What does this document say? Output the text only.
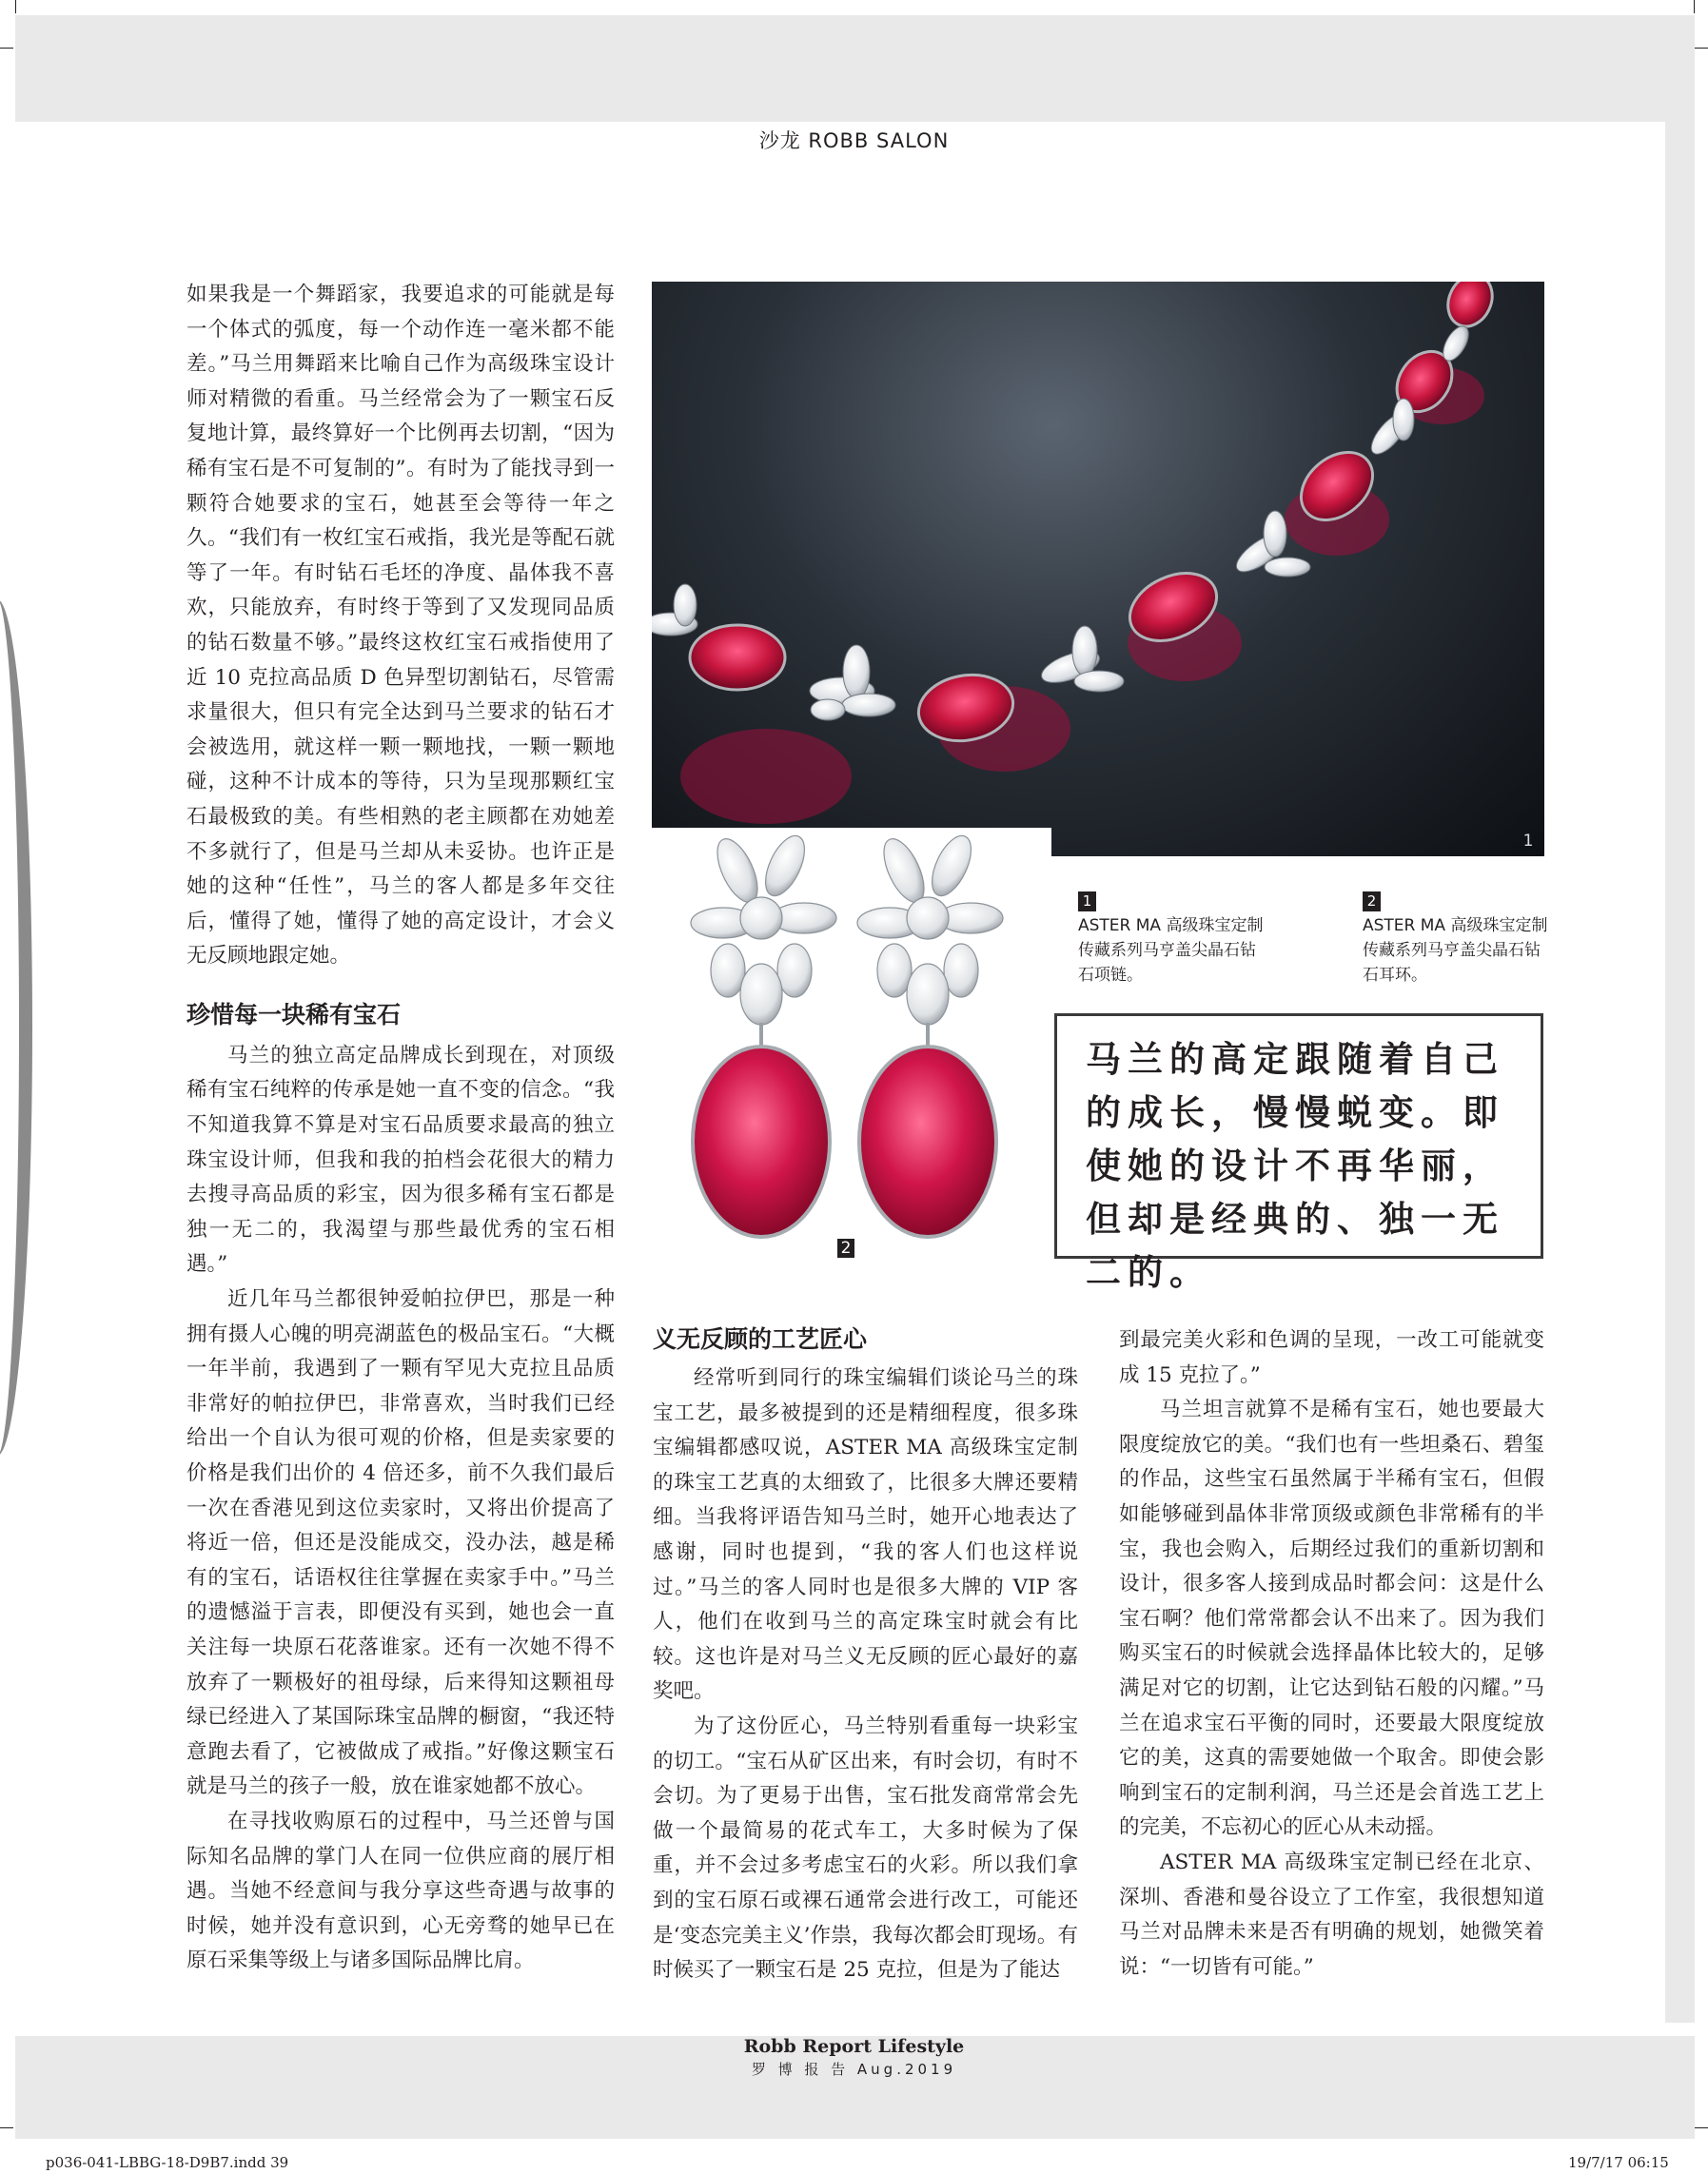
沙龙 ROBB SALON

如果我是一个舞蹈家，我要追求的可能就是每一个体式的弧度，每一个动作连一毫米都不能差。”马兰用舞蹈来比喻自己作为高级珠宝设计师对精微的看重。马兰经常会为了一颗宝石反复地计算，最终算好一个比例再去切割，“因为稀有宝石是不可复制的”。有时为了能找寻到一颗符合她要求的宝石，她甚至会等待一年之久。“我们有一枚红宝石戒指，我光是等配石就等了一年。有时钻石毛坯的净度、晶体我不喜欢，只能放弃，有时终于等到了又发现同品质的钻石数量不够。”最终这枚红宝石戒指使用了近 10 克拉高品质 D 色异型切割钻石，尽管需求量很大，但只有完全达到马兰要求的钻石才会被选用，就这样一颗一颗地找，一颗一颗地碰，这种不计成本的等待，只为呈现那颗红宝石最极致的美。有些相熟的老主顾都在劝她差不多就行了，但是马兰却从未妥协。也许正是她的这种“任性”，马兰的客人都是多年交往后，懂得了她，懂得了她的高定设计，才会义无反顾地跟定她。

珍惜每一块稀有宝石

马兰的独立高定品牌成长到现在，对顶级稀有宝石纯粹的传承是她一直不变的信念。“我不知道我算不算是对宝石品质要求最高的独立珠宝设计师，但我和我的拍档会花很大的精力去搜寻高品质的彩宝，因为很多稀有宝石都是独一无二的，我渴望与那些最优秀的宝石相遇。”

近几年马兰都很钟爱帕拉伊巴，那是一种拥有摄人心魄的明亮湖蓝色的极品宝石。“大概一年半前，我遇到了一颗有罕见大克拉且品质非常好的帕拉伊巴，非常喜欢，当时我们已经给出一个自认为很可观的价格，但是卖家要的价格是我们出价的 4 倍还多，前不久我们最后一次在香港见到这位卖家时，又将出价提高了将近一倍，但还是没能成交，没办法，越是稀有的宝石，话语权往往掌握在卖家手中。”马兰的遗憾溢于言表，即便没有买到，她也会一直关注每一块原石花落谁家。还有一次她不得不放弃了一颗极好的祖母绿，后来得知这颗祖母绿已经进入了某国际珠宝品牌的橱窗，“我还特意跑去看了，它被做成了戒指。”好像这颗宝石就是马兰的孩子一般，放在谁家她都不放心。

在寻找收购原石的过程中，马兰还曾与国际知名品牌的掌门人在同一位供应商的展厅相遇。当她不经意间与我分享这些奇遇与故事的时候，她并没有意识到，心无旁骛的她早已在原石采集等级上与诸多国际品牌比肩。

1
2
1
ASTER MA 高级珠宝定制传藏系列马亨盖尖晶石钻石项链。
2
ASTER MA 高级珠宝定制传藏系列马亨盖尖晶石钻石耳环。
马兰的高定跟随着自己的成长，慢慢蜕变。即使她的设计不再华丽，但却是经典的、独一无二的。
义无反顾的工艺匠心

经常听到同行的珠宝编辑们谈论马兰的珠宝工艺，最多被提到的还是精细程度，很多珠宝编辑都感叹说，ASTER MA 高级珠宝定制的珠宝工艺真的太细致了，比很多大牌还要精细。当我将评语告知马兰时，她开心地表达了感谢，同时也提到，“我的客人们也这样说过。”马兰的客人同时也是很多大牌的 VIP 客人，他们在收到马兰的高定珠宝时就会有比较。这也许是对马兰义无反顾的匠心最好的嘉奖吧。

为了这份匠心，马兰特别看重每一块彩宝的切工。“宝石从矿区出来，有时会切，有时不会切。为了更易于出售，宝石批发商常常会先做一个最简易的花式车工，大多时候为了保重，并不会过多考虑宝石的火彩。所以我们拿到的宝石原石或裸石通常会进行改工，可能还是‘变态完美主义’作祟，我每次都会盯现场。有时候买了一颗宝石是 25 克拉，但是为了能达

到最完美火彩和色调的呈现，一改工可能就变成 15 克拉了。”

马兰坦言就算不是稀有宝石，她也要最大限度绽放它的美。“我们也有一些坦桑石、碧玺的作品，这些宝石虽然属于半稀有宝石，但假如能够碰到晶体非常顶级或颜色非常稀有的半宝，我也会购入，后期经过我们的重新切割和设计，很多客人接到成品时都会问：这是什么宝石啊？他们常常都会认不出来了。因为我们购买宝石的时候就会选择晶体比较大的，足够满足对它的切割，让它达到钻石般的闪耀。”马兰在追求宝石平衡的同时，还要最大限度绽放它的美，这真的需要她做一个取舍。即使会影响到宝石的定制利润，马兰还是会首选工艺上的完美，不忘初心的匠心从未动摇。

ASTER MA 高级珠宝定制已经在北京、深圳、香港和曼谷设立了工作室，我很想知道马兰对品牌未来是否有明确的规划，她微笑着说：“一切皆有可能。”

Robb Report Lifestyle
罗 博 报 告 Aug.2019
p036-041-LBBG-18-D9B7.indd 39	19/7/17 06:15
